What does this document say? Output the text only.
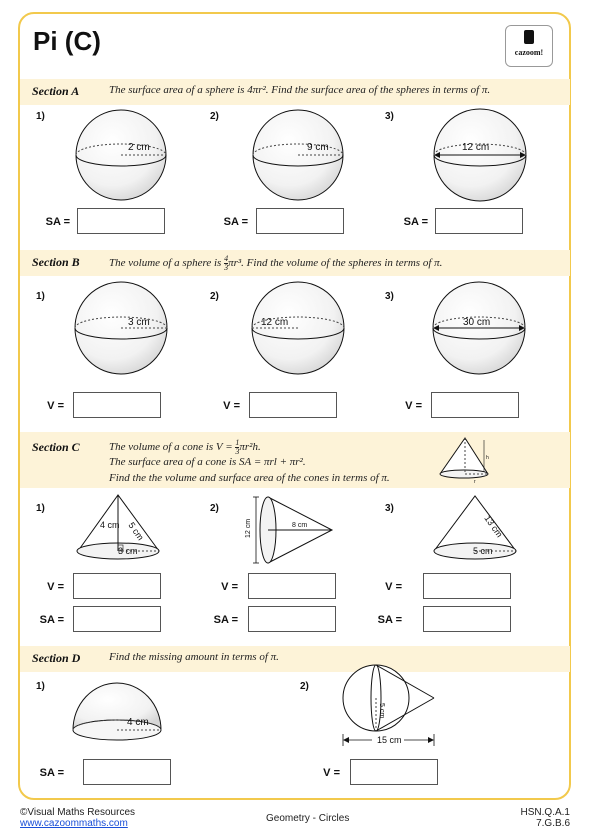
Pi (C)	cazoom!
Section A	The surface area of a sphere is 4πr². Find the surface area of the spheres in terms of π.
1)	2)	3)
2 cm	9 cm	12 cm
SA =	SA =	SA =
Section B	The volume of a sphere is $\frac{4}{3} \pi r^3$. Find the volume of the spheres in terms of π.
1)	2)	3)
3 cm	12 cm	30 cm
V =	V =	V =
Section C	The volume of a cone is $V = \frac{1}{3} \pi r^2h$.
The surface area of a cone is SA = πrl + πr².
Find the the volume and surface area of the cones in terms of π.
h
r
4 cm 5 cm
3 cm
12 cm	8 cm	13 cm
5 cm
V =
SA =
V =
SA =
V =
SA =
1)	2)	3)
Section D	Find the missing amount in terms of π.
1)	2)
4 cm
5 cm
15 cm
SA =	V =
©Visual Maths Resources
www.cazoommaths.com	Geometry - Circles
HSN.Q.A.1
7.G.B.6
